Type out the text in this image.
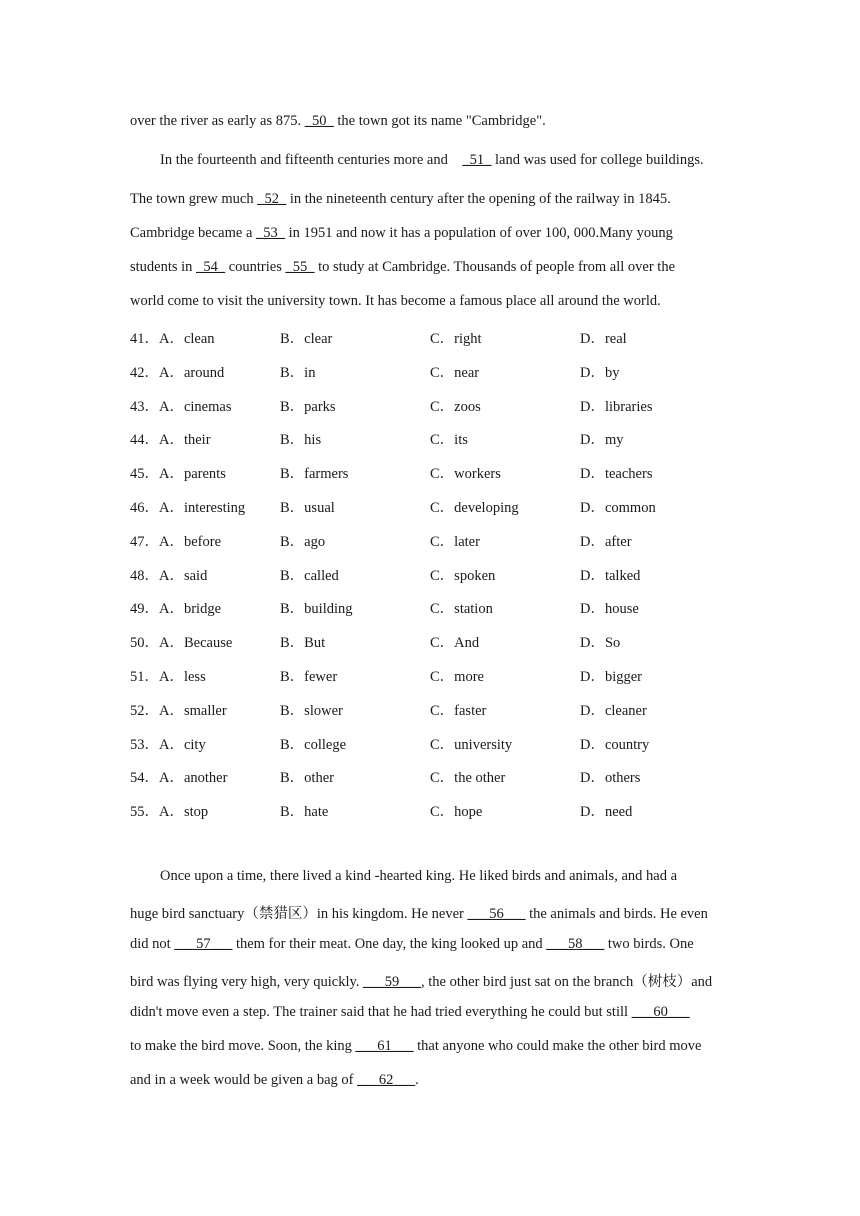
over the river as early as 875. _50_ the town got its name "Cambridge".
In the fourteenth and fifteenth centuries more and    _51_ land was used for college buildings.
The town grew much _52_ in the nineteenth century after the opening of the railway in 1845.
Cambridge became a _53_ in 1951 and now it has a population of over 100, 000.Many young
students in _54_ countries _55_ to study at Cambridge. Thousands of people from all over the
world come to visit the university town. It has become a famous place all around the world.
41．A．clean	B．clear	C．right	D．real
42．A．around	B．in	C．near	D．by
43．A．cinemas	B．parks	C．zoos	D．libraries
44．A．their	B．his	C．its	D．my
45．A．parents	B．farmers	C．workers	D．teachers
46．A．interesting B．usual	C．developing	D．common
47．A．before	B．ago	C．later	D．after
48．A．said	B．called	C．spoken	D．talked
49．A．bridge	B．building	C．station	D．house
50．A．Because	B．But	C．And	D．So
51．A．less	B．fewer	C．more	D．bigger
52．A．smaller	B．slower	C．faster	D．cleaner
53．A．city	B．college	C．university	D．country
54．A．another	B．other	C．the other	D．others
55．A．stop	B．hate	C．hope	D．need
Once upon a time, there lived a kind -hearted king. He liked birds and animals, and had a
huge bird sanctuary（禁猎区）in his kingdom. He never ___56___ the animals and birds. He even
did not ___57___ them for their meat. One day, the king looked up and ___58___ two birds. One
bird was flying very high, very quickly. ___59___, the other bird just sat on the branch（树枝）and
didn't move even a step. The trainer said that he had tried everything he could but still ___60___
to make the bird move. Soon, the king ___61___ that anyone who could make the other bird move
and in a week would be given a bag of ___62___.
